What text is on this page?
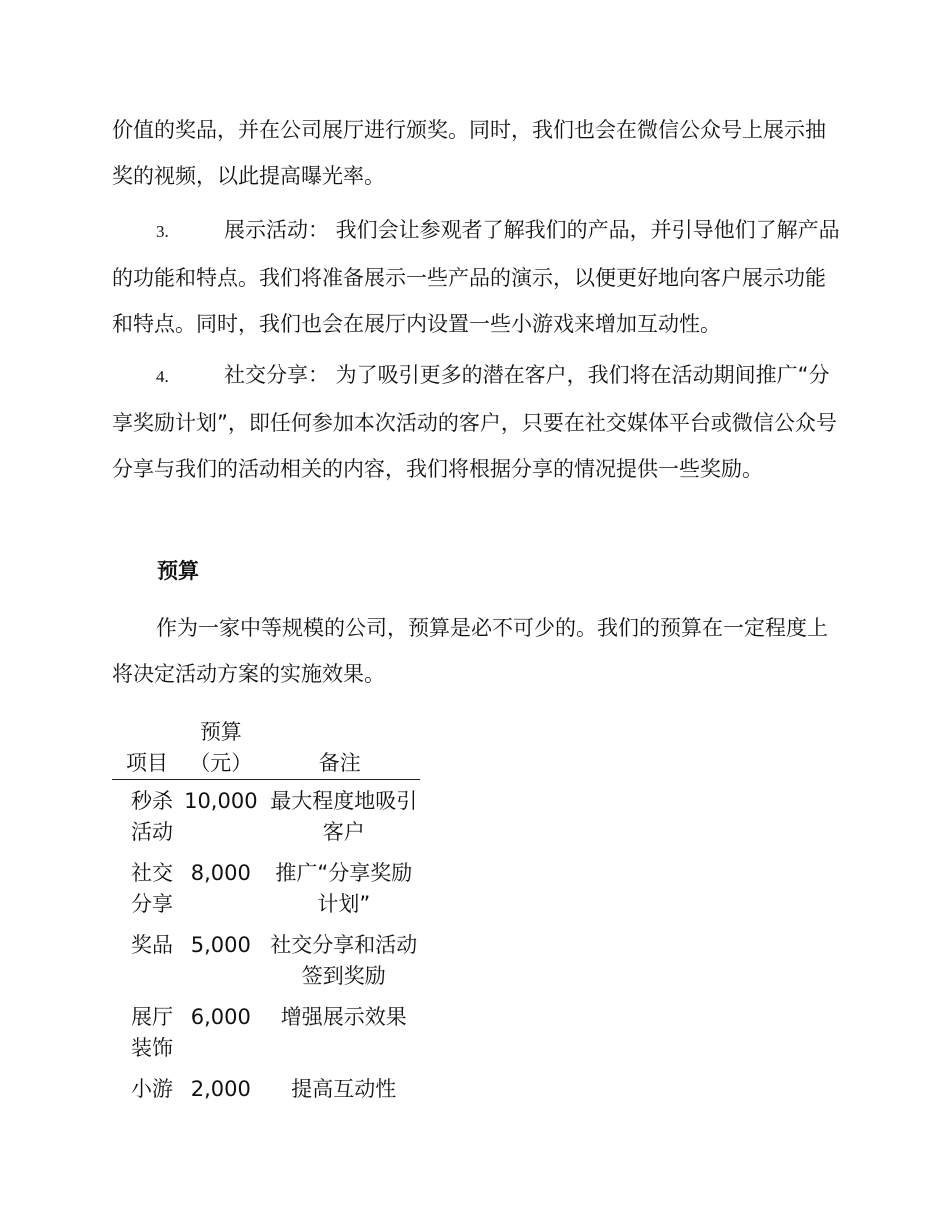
价值的奖品，并在公司展厅进行颁奖。同时，我们也会在微信公众号上展示抽奖的视频，以此提高曝光率。

3.	展示活动： 我们会让参观者了解我们的产品，并引导他们了解产品的功能和特点。我们将准备展示一些产品的演示，以便更好地向客户展示功能和特点。同时，我们也会在展厅内设置一些小游戏来增加互动性。

4.	社交分享： 为了吸引更多的潜在客户，我们将在活动期间推广“分享奖励计划”，即任何参加本次活动的客户，只要在社交媒体平台或微信公众号分享与我们的活动相关的内容，我们将根据分享的情况提供一些奖励。

预算

作为一家中等规模的公司，预算是必不可少的。我们的预算在一定程度上将决定活动方案的实施效果。

项目	预算（元）	备注
秒杀活动	10,000	最大程度地吸引客户
社交分享	8,000	推广“分享奖励计划”
奖品	5,000	社交分享和活动签到奖励
展厅装饰	6,000	增强展示效果
小游	2,000	提高互动性
